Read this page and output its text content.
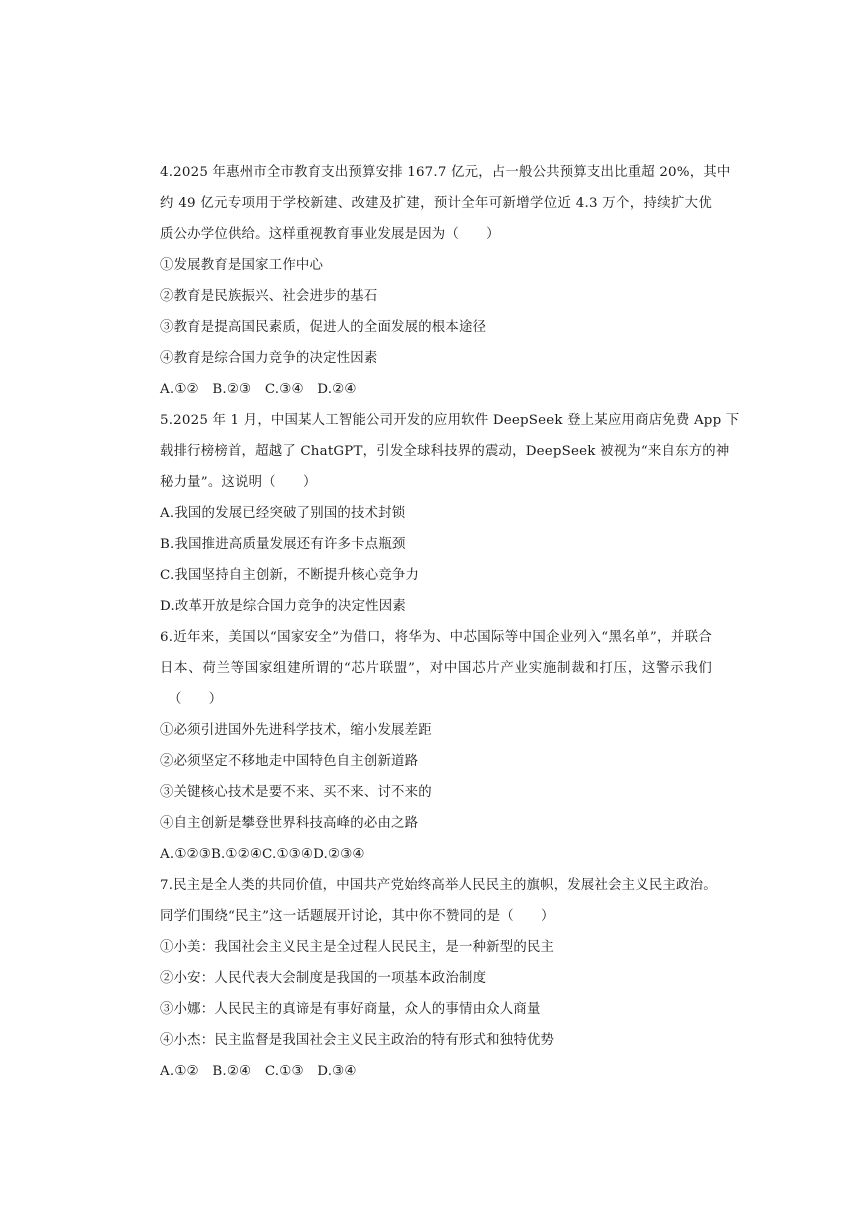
4.2025 年惠州市全市教育支出预算安排 167.7 亿元，占一般公共预算支出比重超 20%，其中
约 49 亿元专项用于学校新建、改建及扩建，预计全年可新增学位近 4.3 万个，持续扩大优
质公办学位供给。这样重视教育事业发展是因为（　　）
①发展教育是国家工作中心
②教育是民族振兴、社会进步的基石
③教育是提高国民素质，促进人的全面发展的根本途径
④教育是综合国力竞争的决定性因素
A.①②　B.②③　C.③④　D.②④
5.2025 年 1 月，中国某人工智能公司开发的应用软件 DeepSeek 登上某应用商店免费 App 下
载排行榜榜首，超越了 ChatGPT，引发全球科技界的震动，DeepSeek 被视为“来自东方的神
秘力量”。这说明（　　）
A.我国的发展已经突破了别国的技术封锁
B.我国推进高质量发展还有许多卡点瓶颈
C.我国坚持自主创新，不断提升核心竞争力
D.改革开放是综合国力竞争的决定性因素
6.近年来，美国以“国家安全”为借口，将华为、中芯国际等中国企业列入“黑名单”，并联合
日本、荷兰等国家组建所谓的“芯片联盟”，对中国芯片产业实施制裁和打压，这警示我们
（　　）
①必须引进国外先进科学技术，缩小发展差距
②必须坚定不移地走中国特色自主创新道路
③关键核心技术是要不来、买不来、讨不来的
④自主创新是攀登世界科技高峰的必由之路
A.①②③B.①②④C.①③④D.②③④
7.民主是全人类的共同价值，中国共产党始终高举人民民主的旗帜，发展社会主义民主政治。
同学们围绕“民主”这一话题展开讨论，其中你不赞同的是（　　）
①小美：我国社会主义民主是全过程人民民主，是一种新型的民主
②小安：人民代表大会制度是我国的一项基本政治制度
③小娜：人民民主的真谛是有事好商量，众人的事情由众人商量
④小杰：民主监督是我国社会主义民主政治的特有形式和独特优势
A.①②　B.②④　C.①③　D.③④
